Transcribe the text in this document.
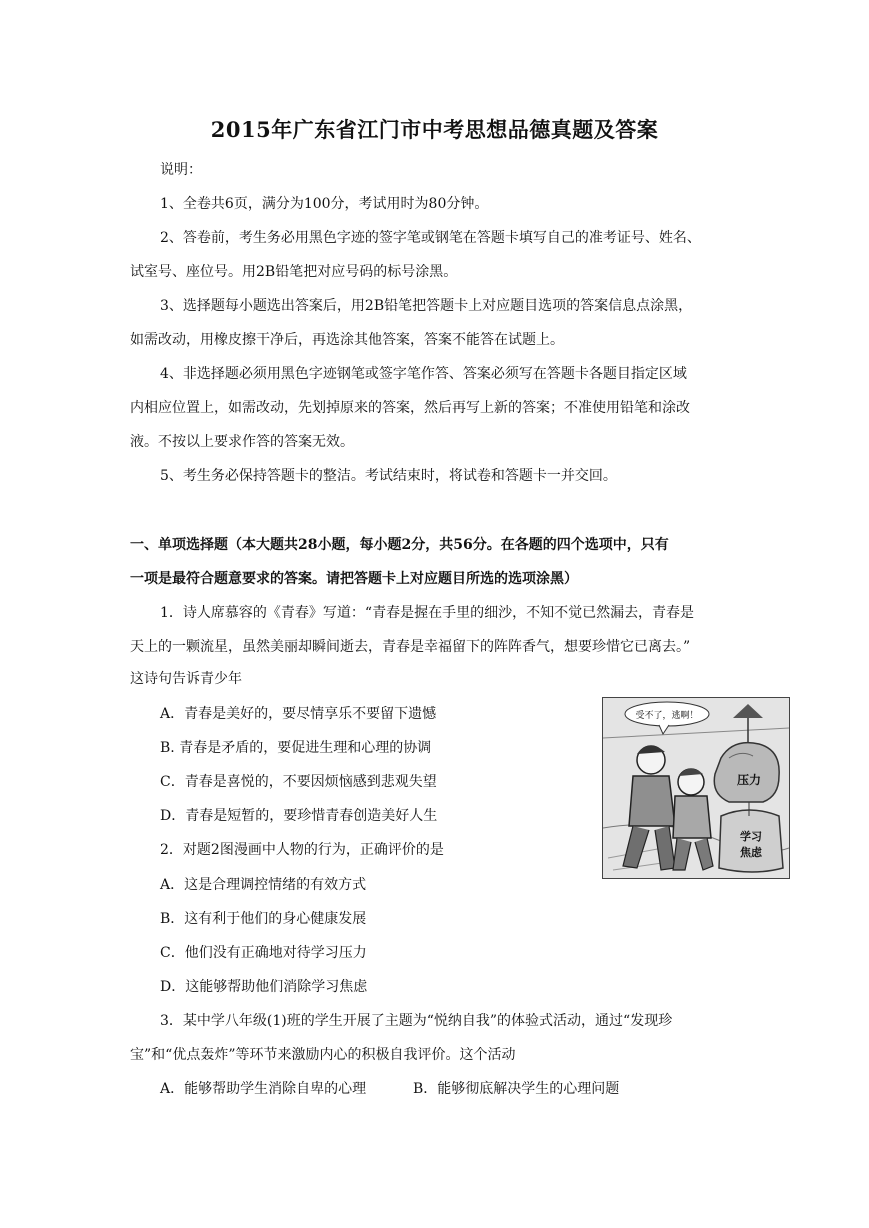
2015年广东省江门市中考思想品德真题及答案
说明：
1、全卷共6页，满分为100分，考试用时为80分钟。
2、答卷前，考生务必用黑色字迹的签字笔或钢笔在答题卡填写自己的准考证号、姓名、
试室号、座位号。用2B铅笔把对应号码的标号涂黑。
3、选择题每小题选出答案后，用2B铅笔把答题卡上对应题目选项的答案信息点涂黑，
如需改动，用橡皮擦干净后，再选涂其他答案，答案不能答在试题上。
4、非选择题必须用黑色字迹钢笔或签字笔作答、答案必须写在答题卡各题目指定区域
内相应位置上，如需改动，先划掉原来的答案，然后再写上新的答案；不准使用铅笔和涂改
液。不按以上要求作答的答案无效。
5、考生务必保持答题卡的整洁。考试结束时，将试卷和答题卡一并交回。
一、单项选择题（本大题共28小题，每小题2分，共56分。在各题的四个选项中，只有
一项是最符合题意要求的答案。请把答题卡上对应题目所选的选项涂黑）
1．诗人席慕容的《青春》写道：“青春是握在手里的细沙，不知不觉已然漏去，青春是
天上的一颗流星，虽然美丽却瞬间逝去，青春是幸福留下的阵阵香气，想要珍惜它已离去。”
这诗句告诉青少年
A．青春是美好的，要尽情享乐不要留下遗憾
B. 青春是矛盾的，要促进生理和心理的协调
C．青春是喜悦的，不要因烦恼感到悲观失望
D．青春是短暂的，要珍惜青春创造美好人生
2．对题2图漫画中人物的行为，正确评价的是
A．这是合理调控情绪的有效方式
B．这有利于他们的身心健康发展
C．他们没有正确地对待学习压力
D．这能够帮助他们消除学习焦虑
3．某中学八年级(1)班的学生开展了主题为“悦纳自我”的体验式活动，通过“发现珍
宝”和“优点轰炸”等环节来激励内心的积极自我评价。这个活动
A．能够帮助学生消除自卑的心理	B．能够彻底解决学生的心理问题
受不了，逃啊！
压力
学习
焦虑
